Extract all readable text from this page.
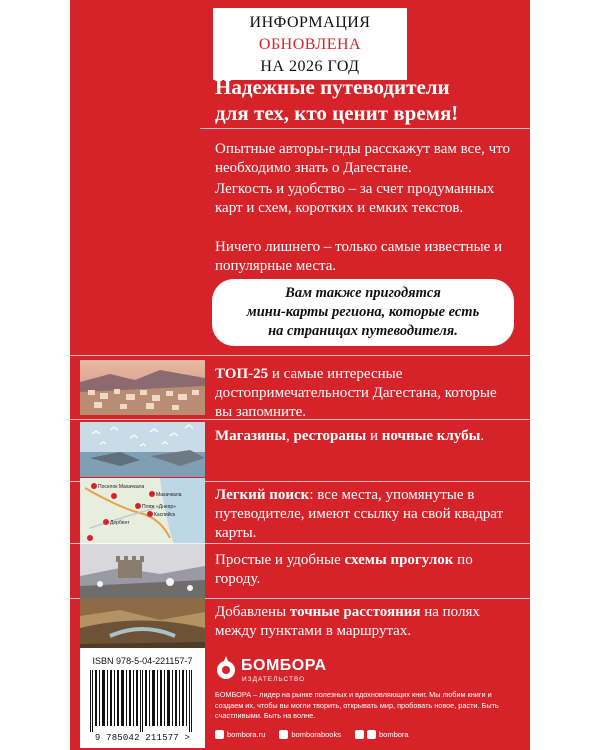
ИНФОРМАЦИЯ
ОБНОВЛЕНА
НА 2026 ГОД
Надежные путеводители
для тех, кто ценит время!
Опытные авторы-гиды расскажут вам все, что необходимо знать о Дагестане.
Легкость и удобство – за счет продуманных карт и схем, коротких и емких текстов.
Ничего лишнего – только самые известные и популярные места.
Вам также пригодятся
мини-карты региона, которые есть
на страницах путеводителя.
ТОП-25 и самые интересные достопримечательности Дагестана, которые вы запомните.
Магазины, рестораны и ночные клубы.
Поселок Махачкала
Махачкала
Пляж «Днепр»
Каспийск
Дербент
Легкий поиск: все места, упомянутые в путеводителе, имеют ссылку на свой квадрат карты.
Простые и удобные схемы прогулок по городу.
Добавлены точные расстояния на полях между пунктами в маршрутах.
ISBN 978-5-04-221157-7
9 785042 211577 >
БОМБОРА
ИЗДАТЕЛЬСТВО
БОМБОРА – лидер на рынке полезных и вдохновляющих книг. Мы любим книги и создаем их, чтобы вы могли творить, открывать мир, пробовать новое, расти. Быть счастливыми. Быть на волне.
bombora.ru	bomborabooks	bombora
